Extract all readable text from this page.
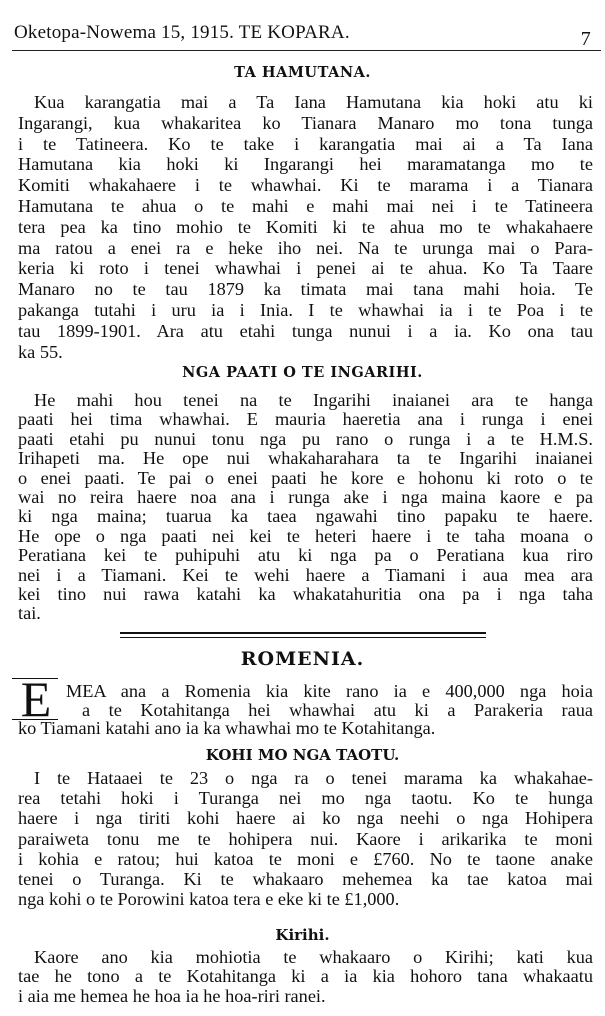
Oketopa-Nowema 15, 1915. TE KOPARA.	7
TA HAMUTANA.
Kua karangatia mai a Ta Iana Hamutana kia hoki atu ki
Ingarangi, kua whakaritea ko Tianara Manaro mo tona tunga
i te Tatineera. Ko te take i karangatia mai ai a Ta Iana
Hamutana kia hoki ki Ingarangi hei maramatanga mo te
Komiti whakahaere i te whawhai. Ki te marama i a Tianara
Hamutana te ahua o te mahi e mahi mai nei i te Tatineera
tera pea ka tino mohio te Komiti ki te ahua mo te whakahaere
ma ratou a enei ra e heke iho nei. Na te urunga mai o Para-
keria ki roto i tenei whawhai i penei ai te ahua. Ko Ta Taare
Manaro no te tau 1879 ka timata mai tana mahi hoia. Te
pakanga tutahi i uru ia i Inia. I te whawhai ia i te Poa i te
tau 1899-1901. Ara atu etahi tunga nunui i a ia. Ko ona tau
ka 55.
NGA PAATI O TE INGARIHI.
He mahi hou tenei na te Ingarihi inaianei ara te hanga
paati hei tima whawhai. E mauria haeretia ana i runga i enei
paati etahi pu nunui tonu nga pu rano o runga i a te H.M.S.
Irihapeti ma. He ope nui whakaharahara ta te Ingarihi inaianei
o enei paati. Te pai o enei paati he kore e hohonu ki roto o te
wai no reira haere noa ana i runga ake i nga maina kaore e pa
ki nga maina; tuarua ka taea ngawahi tino papaku te haere.
He ope o nga paati nei kei te heteri haere i te taha moana o
Peratiana kei te puhipuhi atu ki nga pa o Peratiana kua riro
nei i a Tiamani. Kei te wehi haere a Tiamani i aua mea ara
kei tino nui rawa katahi ka whakatahuritia ona pa i nga taha
tai.
ROMENIA.
E MEA ana a Romenia kia kite rano ia e 400,000 nga hoia
a te Kotahitanga hei whawhai atu ki a Parakeria raua
ko Tiamani katahi ano ia ka whawhai mo te Kotahitanga.
KOHI MO NGA TAOTU.
I te Hataaei te 23 o nga ra o tenei marama ka whakahae-
rea tetahi hoki i Turanga nei mo nga taotu. Ko te hunga
haere i nga tiriti kohi haere ai ko nga neehi o nga Hohipera
paraiweta tonu me te hohipera nui. Kaore i arikarika te moni
i kohia e ratou; hui katoa te moni e £760. No te taone anake
tenei o Turanga. Ki te whakaaro mehemea ka tae katoa mai
nga kohi o te Porowini katoa tera e eke ki te £1,000.
Kirihi.
Kaore ano kia mohiotia te whakaaro o Kirihi; kati kua
tae he tono a te Kotahitanga ki a ia kia hohoro tana whakaatu
i aia me hemea he hoa ia he hoa-riri ranei.
